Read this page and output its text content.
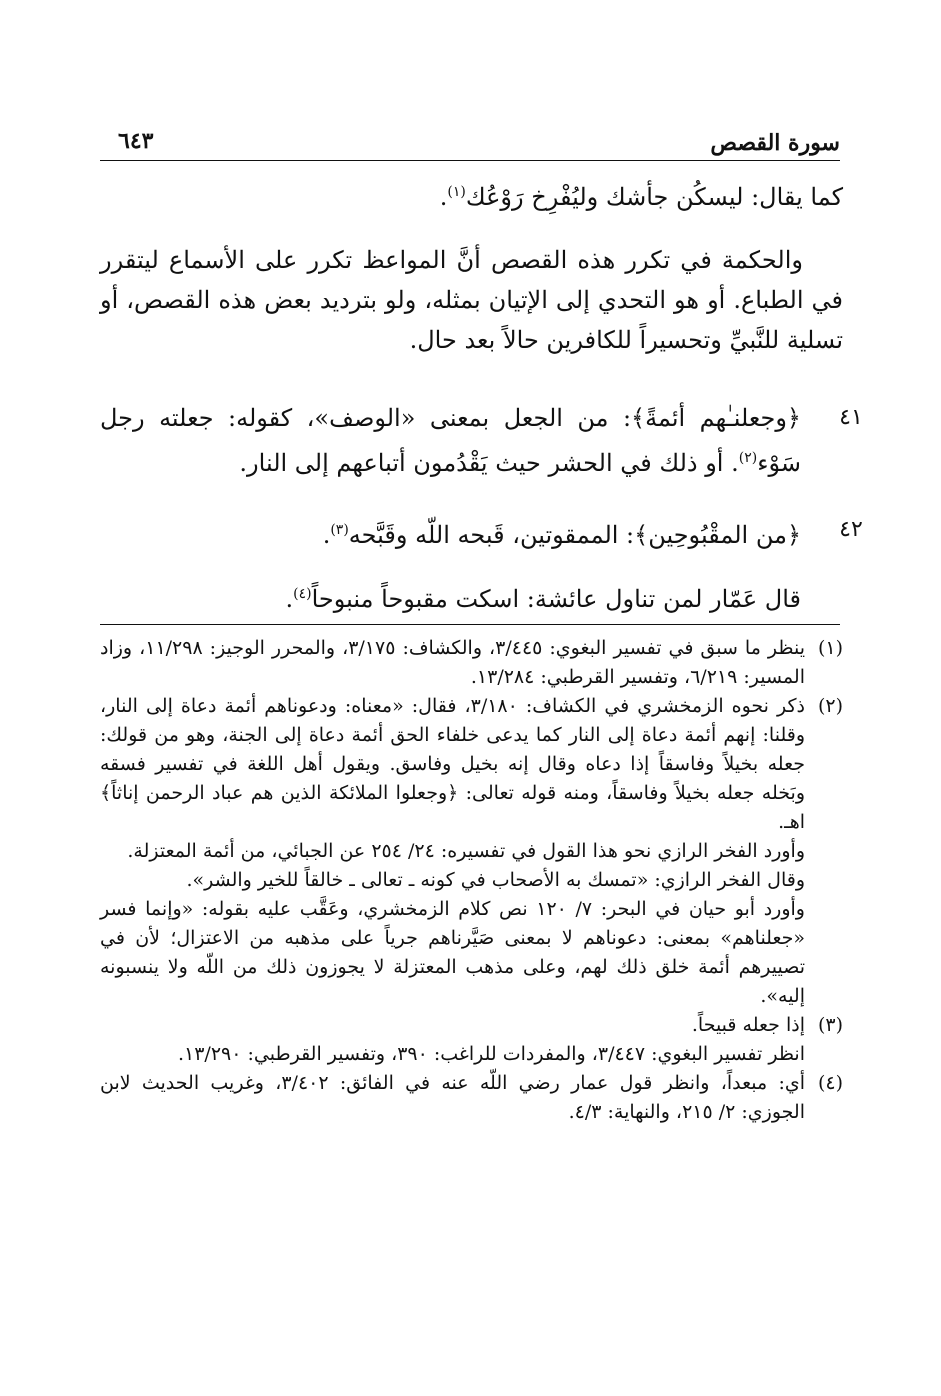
سورة القصص
٦٤٣
كما يقال: ليسكُن جأشك وليُفْرِخ رَوْعُك$^{(١)}$.
والحكمة في تكرر هذه القصص أنَّ المواعظ تكرر على الأسماع ليتقرر في الطباع. أو هو التحدي إلى الإتيان بمثله، ولو بترديد بعض هذه القصص، أو تسلية للنَّبيِّ وتحسيراً للكافرين حالاً بعد حال.
٤١
﴿وجعلنـٰهم أئمةً﴾: من الجعل بمعنى «الوصف»، كقوله: جعلته رجل سَوْء$^{(٢)}$. أو ذلك في الحشر حيث يَقْدُمون أتباعهم إلى النار.
٤٢
﴿من المقْبُوحِين﴾: الممقوتين، قَبحه اللّه وقَبَّحه$^{(٣)}$.
قال عَمّار لمن تناول عائشة: اسكت مقبوحاً منبوحاً$^{(٤)}$.
(١)
ينظر ما سبق في تفسير البغوي: ٣/٤٤٥، والكشاف: ٣/١٧٥، والمحرر الوجيز: ١١/٢٩٨، وزاد المسير: ٦/٢١٩، وتفسير القرطبي: ١٣/٢٨٤.
(٢)
ذكر نحوه الزمخشري في الكشاف: ٣/١٨٠، فقال: «معناه: ودعوناهم أئمة دعاة إلى النار، وقلنا: إنهم أئمة دعاة إلى النار كما يدعى خلفاء الحق أئمة دعاة إلى الجنة، وهو من قولك: جعله بخيلاً وفاسقاً إذا دعاه وقال إنه بخيل وفاسق. ويقول أهل اللغة في تفسير فسقه وبَخله جعله بخيلاً وفاسقاً، ومنه قوله تعالى: ﴿وجعلوا الملائكة الذين هم عباد الرحمن إناثاً﴾ اهـ.
وأورد الفخر الرازي نحو هذا القول في تفسيره: ٢٤/ ٢٥٤ عن الجبائي، من أئمة المعتزلة.
وقال الفخر الرازي: «تمسك به الأصحاب في كونه ـ تعالى ـ خالقاً للخير والشر».
وأورد أبو حيان في البحر: ٧/ ١٢٠ نص كلام الزمخشري، وعَقَّب عليه بقوله: «وإنما فسر «جعلناهم» بمعنى: دعوناهم لا بمعنى صَيَّرناهم جرياً على مذهبه من الاعتزال؛ لأن في تصييرهم أئمة خلق ذلك لهم، وعلى مذهب المعتزلة لا يجوزون ذلك من اللّه ولا ينسبونه إليه».
(٣)
إذا جعله قبيحاً.
انظر تفسير البغوي: ٣/٤٤٧، والمفردات للراغب: ٣٩٠، وتفسير القرطبي: ١٣/٢٩٠.
(٤)
أي: مبعداً، وانظر قول عمار رضي اللّه عنه في الفائق: ٣/٤٠٢، وغريب الحديث لابن الجوزي: ٢/ ٢١٥، والنهاية: ٤/٣.
